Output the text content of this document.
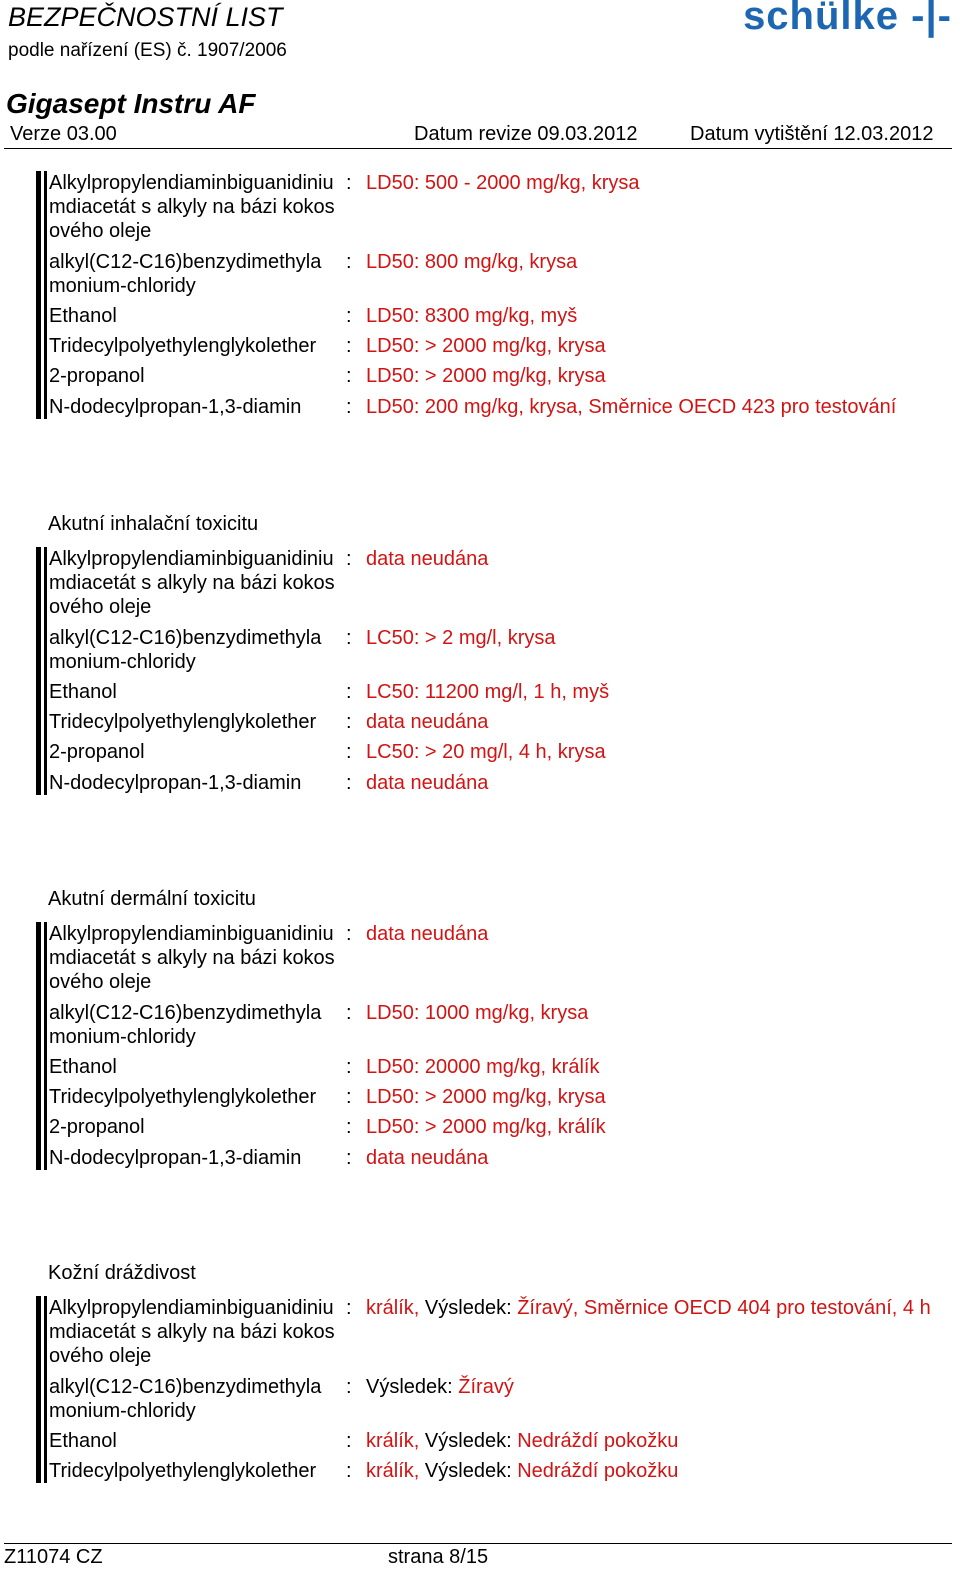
BEZPEČNOSTNÍ LIST
podle nařízení (ES) č. 1907/2006
schülke -|-
Gigasept Instru AF
Verze 03.00	Datum revize 09.03.2012	Datum vytištění 12.03.2012
Alkylpropylendiaminbiguanidiniumdiacetát s alkyly na bázi kokosového oleje
: LD50: 500 - 2000 mg/kg, krysa
alkyl(C12-C16)benzydimethylamonium-chloridy
: LD50: 800 mg/kg, krysa
Ethanol	: LD50: 8300 mg/kg, myš
Tridecylpolyethylenglykolether	: LD50: > 2000 mg/kg, krysa
2-propanol	: LD50: > 2000 mg/kg, krysa
N-dodecylpropan-1,3-diamin	: LD50: 200 mg/kg, krysa, Směrnice OECD 423 pro testování
Akutní inhalační toxicitu
Alkylpropylendiaminbiguanidiniumdiacetát s alkyly na bázi kokosového oleje
: data neudána
alkyl(C12-C16)benzydimethylamonium-chloridy
: LC50: > 2 mg/l, krysa
Ethanol	: LC50: 11200 mg/l, 1 h, myš
Tridecylpolyethylenglykolether	: data neudána
2-propanol	: LC50: > 20 mg/l, 4 h, krysa
N-dodecylpropan-1,3-diamin	: data neudána
Akutní dermální toxicitu
Alkylpropylendiaminbiguanidiniumdiacetát s alkyly na bázi kokosového oleje
: data neudána
alkyl(C12-C16)benzydimethylamonium-chloridy
: LD50: 1000 mg/kg, krysa
Ethanol	: LD50: 20000 mg/kg, králík
Tridecylpolyethylenglykolether	: LD50: > 2000 mg/kg, krysa
2-propanol	: LD50: > 2000 mg/kg, králík
N-dodecylpropan-1,3-diamin	: data neudána
Kožní dráždivost
Alkylpropylendiaminbiguanidiniumdiacetát s alkyly na bázi kokosového oleje
: králík, Výsledek: Žíravý, Směrnice OECD 404 pro testování, 4 h
alkyl(C12-C16)benzydimethylamonium-chloridy
: Výsledek: Žíravý
Ethanol	: králík, Výsledek: Nedráždí pokožku
Tridecylpolyethylenglykolether	: králík, Výsledek: Nedráždí pokožku
Z11074 CZ	strana 8/15
